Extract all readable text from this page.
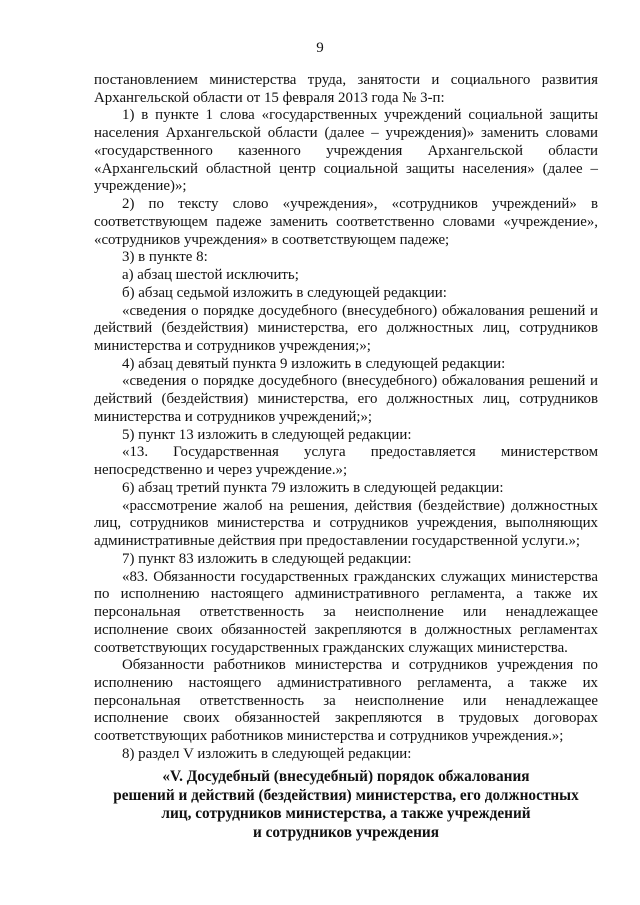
9

постановлением министерства труда, занятости и социального развития Архангельской области от 15 февраля 2013 года № 3-п:

1) в пункте 1 слова «государственных учреждений социальной защиты населения Архангельской области (далее – учреждения)» заменить словами «государственного казенного учреждения Архангельской области «Архангельский областной центр социальной защиты населения» (далее – учреждение)»;

2) по тексту слово «учреждения», «сотрудников учреждений» в соответствующем падеже заменить соответственно словами «учреждение», «сотрудников учреждения» в соответствующем падеже;

3) в пункте 8:

а) абзац шестой исключить;

б) абзац седьмой изложить в следующей редакции:

«сведения о порядке досудебного (внесудебного) обжалования решений и действий (бездействия) министерства, его должностных лиц, сотрудников министерства и сотрудников учреждения;»;

4) абзац девятый пункта 9 изложить в следующей редакции:

«сведения о порядке досудебного (внесудебного) обжалования решений и действий (бездействия) министерства, его должностных лиц, сотрудников министерства и сотрудников учреждений;»;

5) пункт 13 изложить в следующей редакции:

«13. Государственная услуга предоставляется министерством непосредственно и через учреждение.»;

6) абзац третий пункта 79 изложить в следующей редакции:

«рассмотрение жалоб на решения, действия (бездействие) должностных лиц, сотрудников министерства и сотрудников учреждения, выполняющих административные действия при предоставлении государственной услуги.»;

7) пункт 83 изложить в следующей редакции:

«83. Обязанности государственных гражданских служащих министерства по исполнению настоящего административного регламента, а также их персональная ответственность за неисполнение или ненадлежащее исполнение своих обязанностей закрепляются в должностных регламентах соответствующих государственных гражданских служащих министерства.

Обязанности работников министерства и сотрудников учреждения по исполнению настоящего административного регламента, а также их персональная ответственность за неисполнение или ненадлежащее исполнение своих обязанностей закрепляются в трудовых договорах соответствующих работников министерства и сотрудников учреждения.»;

8) раздел V изложить в следующей редакции:

«V. Досудебный (внесудебный) порядок обжалования
решений и действий (бездействия) министерства, его должностных
лиц, сотрудников министерства, а также учреждений
и сотрудников учреждения
